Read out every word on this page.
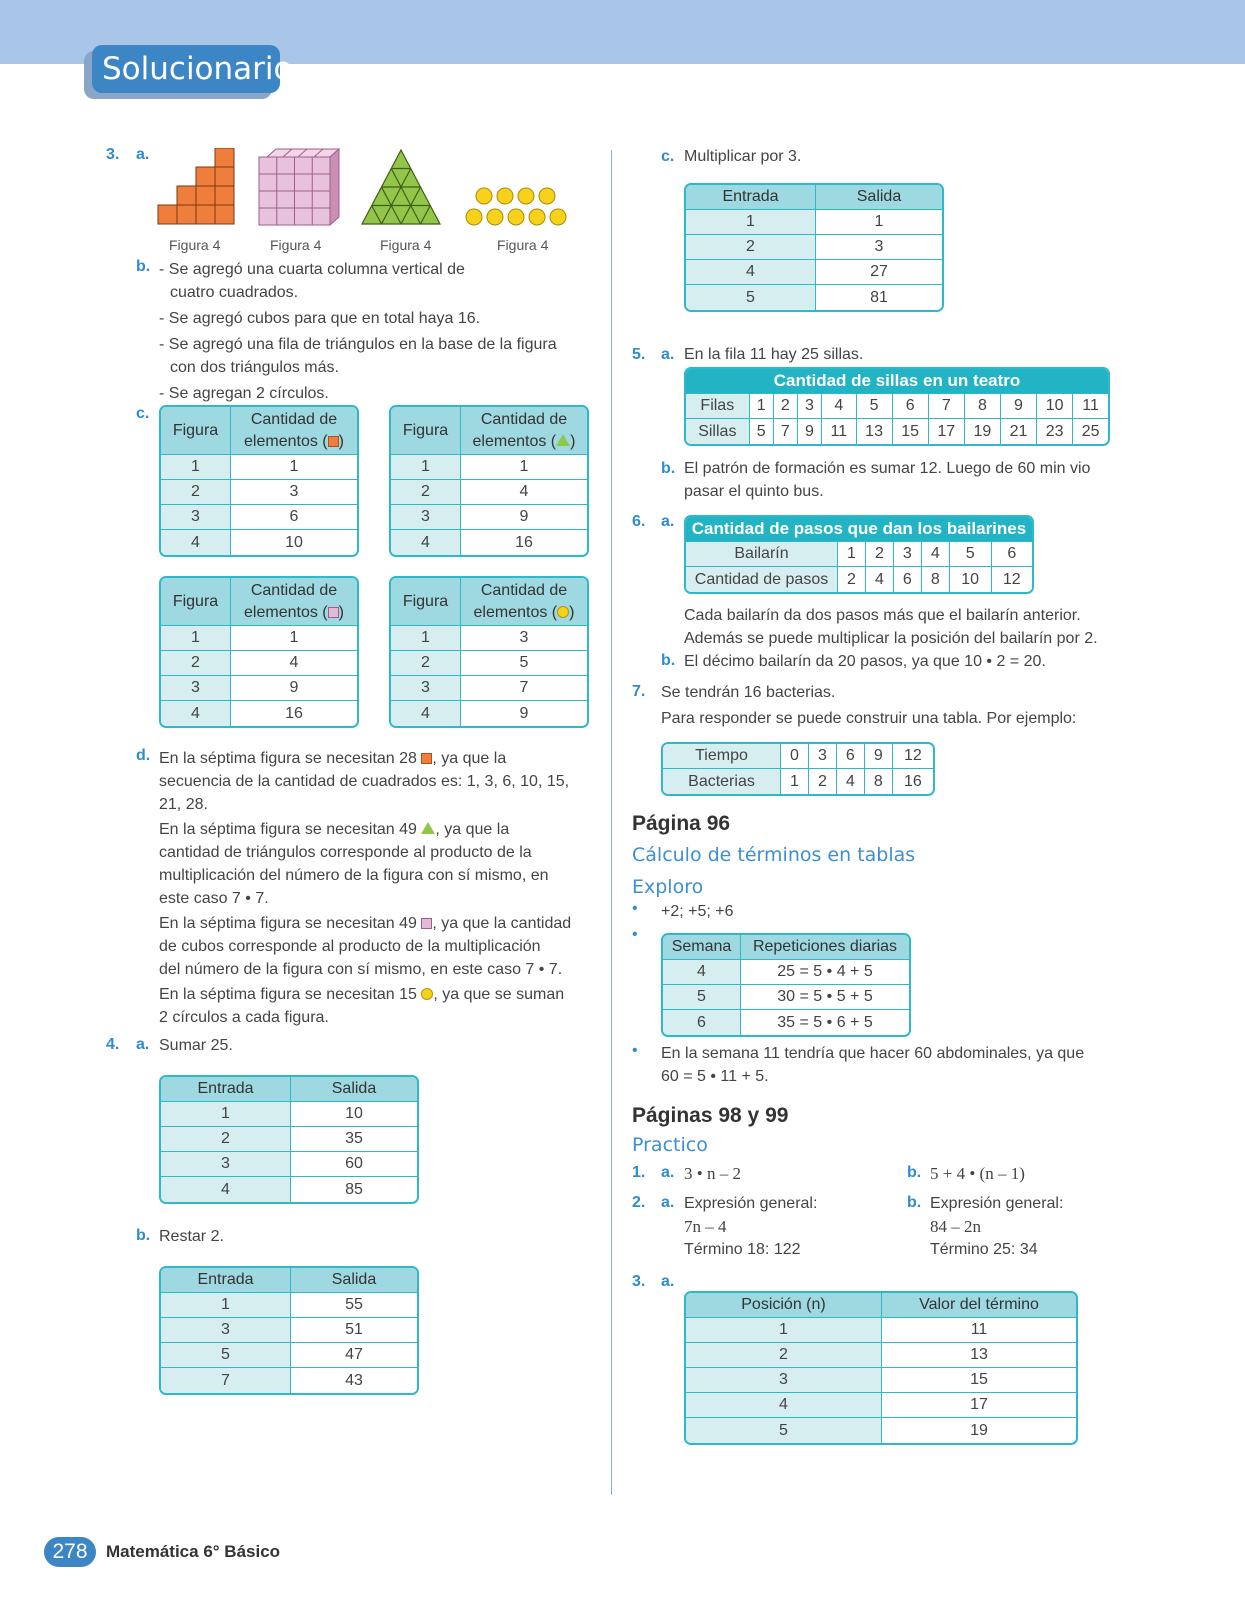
Solucionario
3. a.
Figura 4	Figura 4	Figura 4	Figura 4
b. - Se agregó una cuarta columna vertical de
cuatro cuadrados.
- Se agregó cubos para que en total haya 16.
- Se agregó una fila de triángulos en la base de la figura
con dos triángulos más.
- Se agregan 2 círculos.
c.
Figura	Cantidad de
elementos ( )
1	1
2	3
3	6
4	10
Figura	Cantidad de
elementos ( )
1	1
2	4
3	9
4	16
Figura	Cantidad de
elementos ( )
1	1
2	4
3	9
4	16
Figura	Cantidad de
elementos ( )
1	3
2	5
3	7
4	9
d. En la séptima figura se necesitan 28 , ya que la
secuencia de la cantidad de cuadrados es: 1, 3, 6, 10, 15,
21, 28.
En la séptima figura se necesitan 49 , ya que la
cantidad de triángulos corresponde al producto de la
multiplicación del número de la figura con sí mismo, en
este caso 7 • 7.
En la séptima figura se necesitan 49 , ya que la cantidad
de cubos corresponde al producto de la multiplicación
del número de la figura con sí mismo, en este caso 7 • 7.
En la séptima figura se necesitan 15 , ya que se suman
2 círculos a cada figura.
4. a. Sumar 25.
Entrada	Salida
1	10
2	35
3	60
4	85
b. Restar 2.
Entrada	Salida
1	55
3	51
5	47
7	43
c. Multiplicar por 3.
Entrada	Salida
1	1
2	3
4	27
5	81
5. a. En la fila 11 hay 25 sillas.
Cantidad de sillas en un teatro											
Filas	1	2	3	4	5	6	7	8	9	10	11
Sillas	5	7	9	11	13	15	17	19	21	23	25
b. El patrón de formación es sumar 12. Luego de 60 min vio
pasar el quinto bus.
6. a. Cantidad de pasos que dan los bailarines						
Bailarín	1	2	3	4	5	6
Cantidad de pasos	2	4	6	8	10	12
Cada bailarín da dos pasos más que el bailarín anterior.
Además se puede multiplicar la posición del bailarín por 2.
b. El décimo bailarín da 20 pasos, ya que 10 • 2 = 20.
7. Se tendrán 16 bacterias.
Para responder se puede construir una tabla. Por ejemplo:
Tiempo	0	3	6	9	12
Bacterias	1	2	4	8	16
Página 96
Cálculo de términos en tablas
Exploro
• +2; +5; +6
•
Semana	Repeticiones diarias
4	25 = 5 • 4 + 5
5	30 = 5 • 5 + 5
6	35 = 5 • 6 + 5
• En la semana 11 tendría que hacer 60 abdominales, ya que
60 = 5 • 11 + 5.
Páginas 98 y 99
Practico
1. a. 3 • n – 2	b. 5 + 4 • (n – 1)
2. a. Expresión general:
7n – 4
Término 18: 122
b. Expresión general:
84 – 2n
Término 25: 34
3. a.
Posición (n)	Valor del término
1	11
2	13
3	15
4	17
5	19
278	Matemática 6° Básico
